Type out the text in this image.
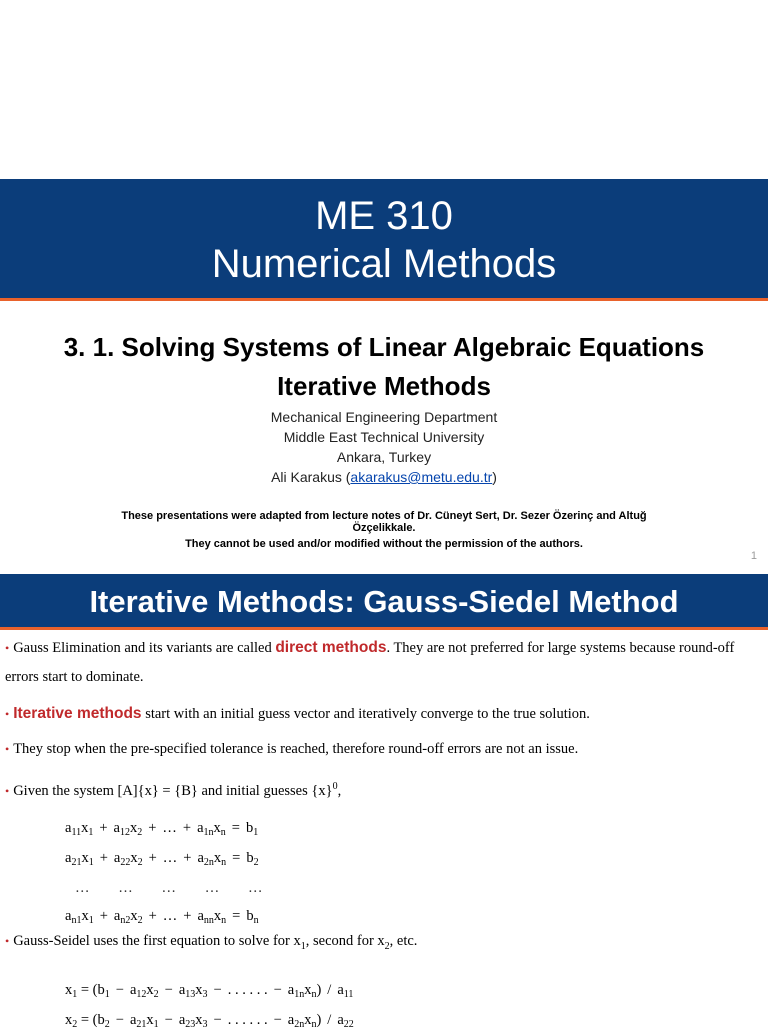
ME 310
Numerical Methods
3. 1. Solving Systems of Linear Algebraic Equations
Iterative Methods
Mechanical Engineering Department
Middle East Technical University
Ankara, Turkey
Ali Karakus (akarakus@metu.edu.tr)
These presentations were adapted from lecture notes of Dr. Cüneyt Sert, Dr. Sezer Özerinç and Altuğ Özçelikkale.
They cannot be used and/or modified without the permission of the authors.
1
Iterative Methods: Gauss-Siedel Method
• Gauss Elimination and its variants are called direct methods. They are not preferred for large systems because round-off errors start to dominate.
• Iterative methods start with an initial guess vector and iteratively converge to the true solution.
• They stop when the pre-specified tolerance is reached, therefore round-off errors are not an issue.
• Given the system [A]{x} = {B} and initial guesses $\{x\}^0$,
$a_{11}x_1 + a_{12}x_2$ + … + $a_{1n}x_n = b_1$
$a_{21}x_1 + a_{22}x_2$ + … + $a_{2n}x_n = b_2$
…      …      …      …      …
$a_{n1}x_1 + a_{n2}x_2$ + … + $a_{nn}x_n = b_n$
• Gauss-Seidel uses the first equation to solve for $x_1$, second for $x_2$, etc.
$x_1 = (b_1 - a_{12}x_2 - a_{13}x_3$ − . . . . . . − $a_{1n}x_n) / a_{11}$
$x_2 = (b_2 - a_{21}x_1 - a_{23}x_3$ − . . . . . . − $a_{2n}x_n) / a_{22}$
